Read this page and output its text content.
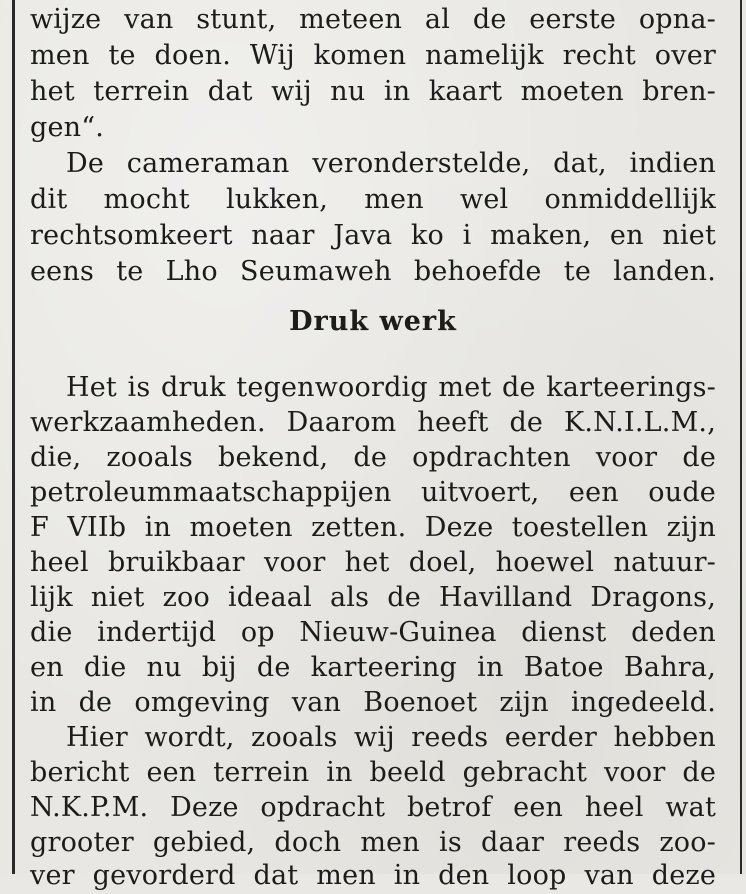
wijze van stunt, meteen al de eerste opna-
men te doen. Wij komen namelijk recht over
het terrein dat wij nu in kaart moeten bren-
gen“.
De cameraman veronderstelde, dat, indien
dit mocht lukken, men wel onmiddellijk
rechtsomkeert naar Java ko i maken, en niet
eens te Lho Seumaweh behoefde te landen.
Druk werk
Het is druk tegenwoordig met de karteerings-
werkzaamheden. Daarom heeft de K.N.I.L.M.,
die, zooals bekend, de opdrachten voor de
petroleummaatschappijen uitvoert, een oude
F VIIb in moeten zetten. Deze toestellen zijn
heel bruikbaar voor het doel, hoewel natuur-
lijk niet zoo ideaal als de Havilland Dragons,
die indertijd op Nieuw-Guinea dienst deden
en die nu bij de karteering in Batoe Bahra,
in de omgeving van Boenoet zijn ingedeeld.
Hier wordt, zooals wij reeds eerder hebben
bericht een terrein in beeld gebracht voor de
N.K.P.M. Deze opdracht betrof een heel wat
grooter gebied, doch men is daar reeds zoo-
ver gevorderd dat men in den loop van deze
